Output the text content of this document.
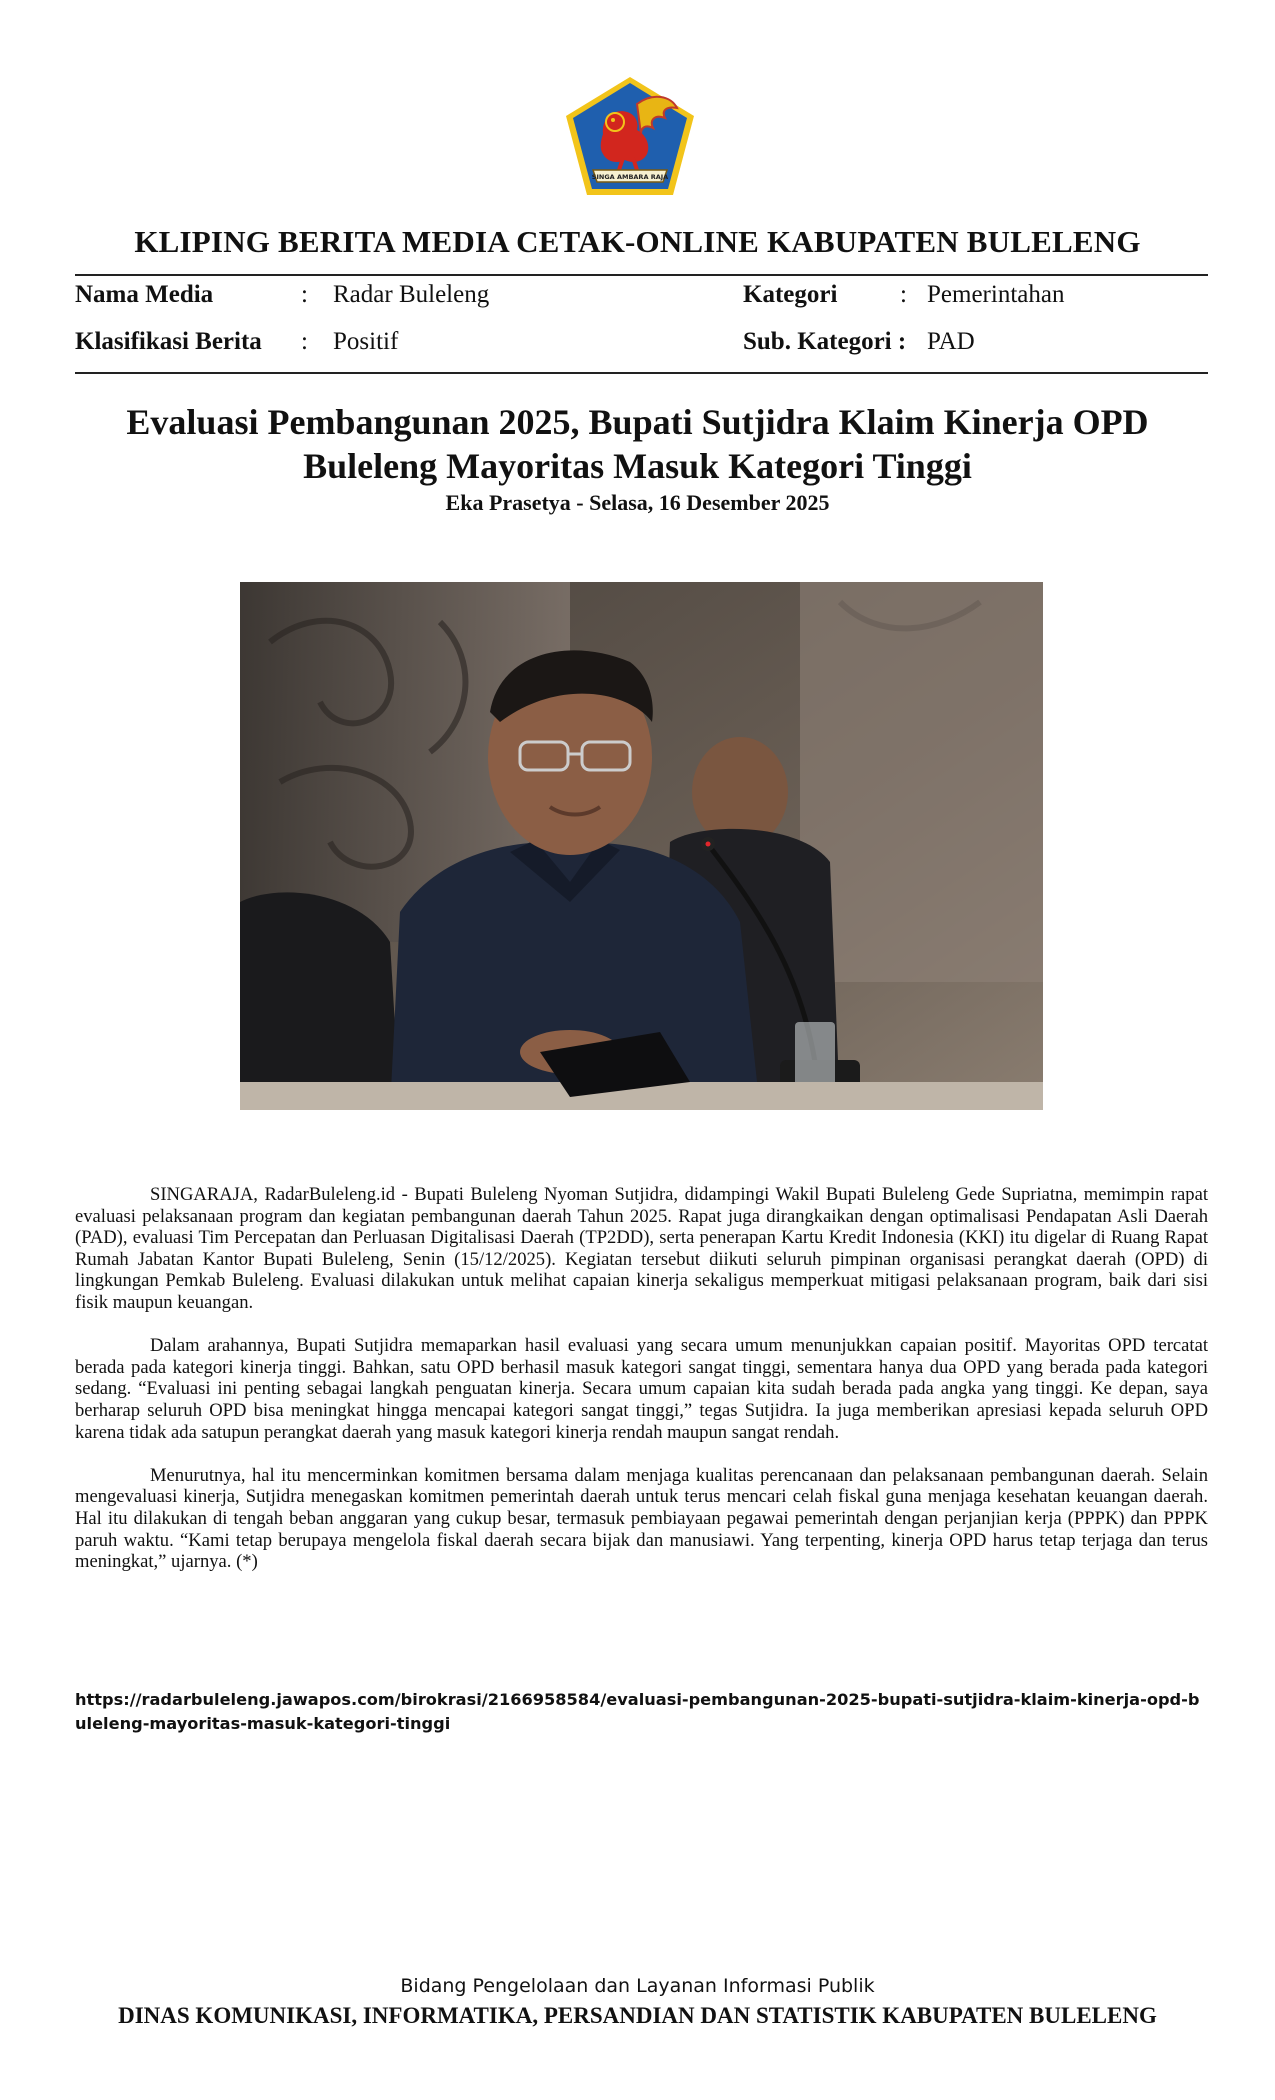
SINGA AMBARA RAJA
KLIPING BERITA MEDIA CETAK-ONLINE KABUPATEN BULELENG
Nama Media	: Radar Buleleng	Kategori	: Pemerintahan
Klasifikasi Berita : Positif	Sub. Kategori : PAD
Evaluasi Pembangunan 2025, Bupati Sutjidra Klaim Kinerja OPD Buleleng Mayoritas Masuk Kategori Tinggi
Eka Prasetya - Selasa, 16 Desember 2025

SINGARAJA, RadarBuleleng.id - Bupati Buleleng Nyoman Sutjidra, didampingi Wakil Bupati Buleleng Gede Supriatna, memimpin rapat evaluasi pelaksanaan program dan kegiatan pembangunan daerah Tahun 2025. Rapat juga dirangkaikan dengan optimalisasi Pendapatan Asli Daerah (PAD), evaluasi Tim Percepatan dan Perluasan Digitalisasi Daerah (TP2DD), serta penerapan Kartu Kredit Indonesia (KKI) itu digelar di Ruang Rapat Rumah Jabatan Kantor Bupati Buleleng, Senin (15/12/2025). Kegiatan tersebut diikuti seluruh pimpinan organisasi perangkat daerah (OPD) di lingkungan Pemkab Buleleng. Evaluasi dilakukan untuk melihat capaian kinerja sekaligus memperkuat mitigasi pelaksanaan program, baik dari sisi fisik maupun keuangan.

Dalam arahannya, Bupati Sutjidra memaparkan hasil evaluasi yang secara umum menunjukkan capaian positif. Mayoritas OPD tercatat berada pada kategori kinerja tinggi. Bahkan, satu OPD berhasil masuk kategori sangat tinggi, sementara hanya dua OPD yang berada pada kategori sedang. “Evaluasi ini penting sebagai langkah penguatan kinerja. Secara umum capaian kita sudah berada pada angka yang tinggi. Ke depan, saya berharap seluruh OPD bisa meningkat hingga mencapai kategori sangat tinggi,” tegas Sutjidra. Ia juga memberikan apresiasi kepada seluruh OPD karena tidak ada satupun perangkat daerah yang masuk kategori kinerja rendah maupun sangat rendah.

Menurutnya, hal itu mencerminkan komitmen bersama dalam menjaga kualitas perencanaan dan pelaksanaan pembangunan daerah. Selain mengevaluasi kinerja, Sutjidra menegaskan komitmen pemerintah daerah untuk terus mencari celah fiskal guna menjaga kesehatan keuangan daerah. Hal itu dilakukan di tengah beban anggaran yang cukup besar, termasuk pembiayaan pegawai pemerintah dengan perjanjian kerja (PPPK) dan PPPK paruh waktu. “Kami tetap berupaya mengelola fiskal daerah secara bijak dan manusiawi. Yang terpenting, kinerja OPD harus tetap terjaga dan terus meningkat,” ujarnya. (*)

https://radarbuleleng.jawapos.com/birokrasi/2166958584/evaluasi-pembangunan-2025-bupati-sutjidra-klaim-kinerja-opd-buleleng-mayoritas-masuk-kategori-tinggi
Bidang Pengelolaan dan Layanan Informasi Publik
DINAS KOMUNIKASI, INFORMATIKA, PERSANDIAN DAN STATISTIK KABUPATEN BULELENG
